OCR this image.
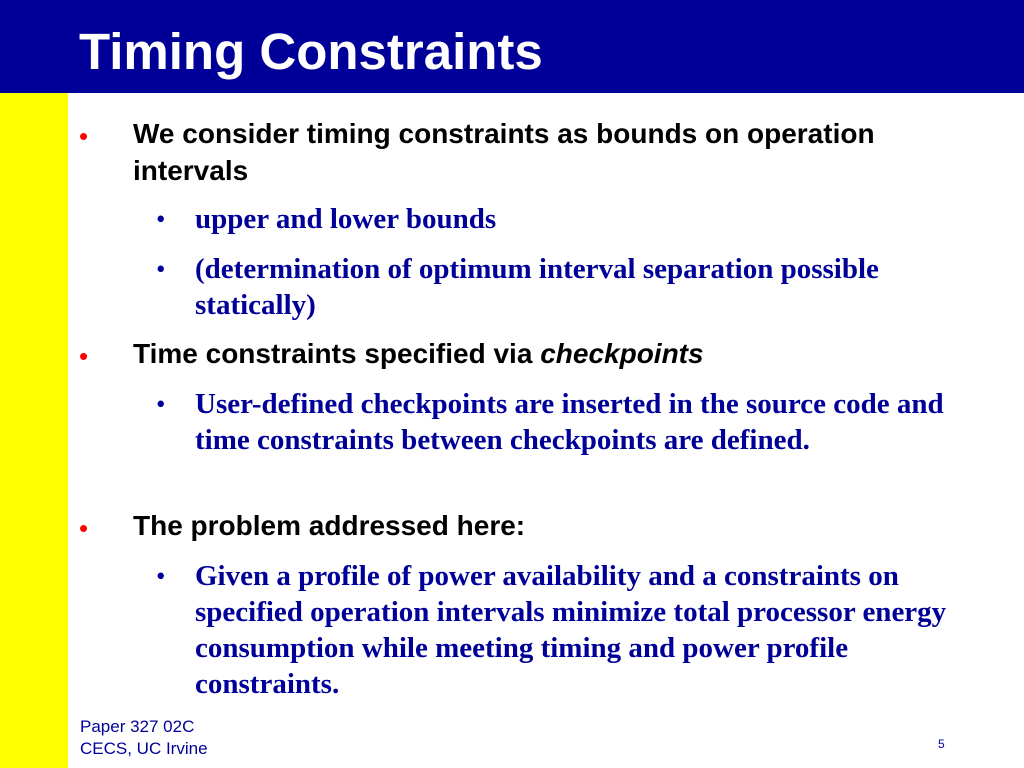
Timing Constraints
• We consider timing constraints as bounds on operation intervals
• upper and lower bounds
• (determination of optimum interval separation possible statically)
• Time constraints specified via checkpoints
• User-defined checkpoints are inserted in the source code and time constraints between checkpoints are defined.
• The problem addressed here:
• Given a profile of power availability and a constraints on specified operation intervals minimize total processor energy consumption while meeting timing and power profile constraints.
Paper 327 02C
CECS, UC Irvine	5
